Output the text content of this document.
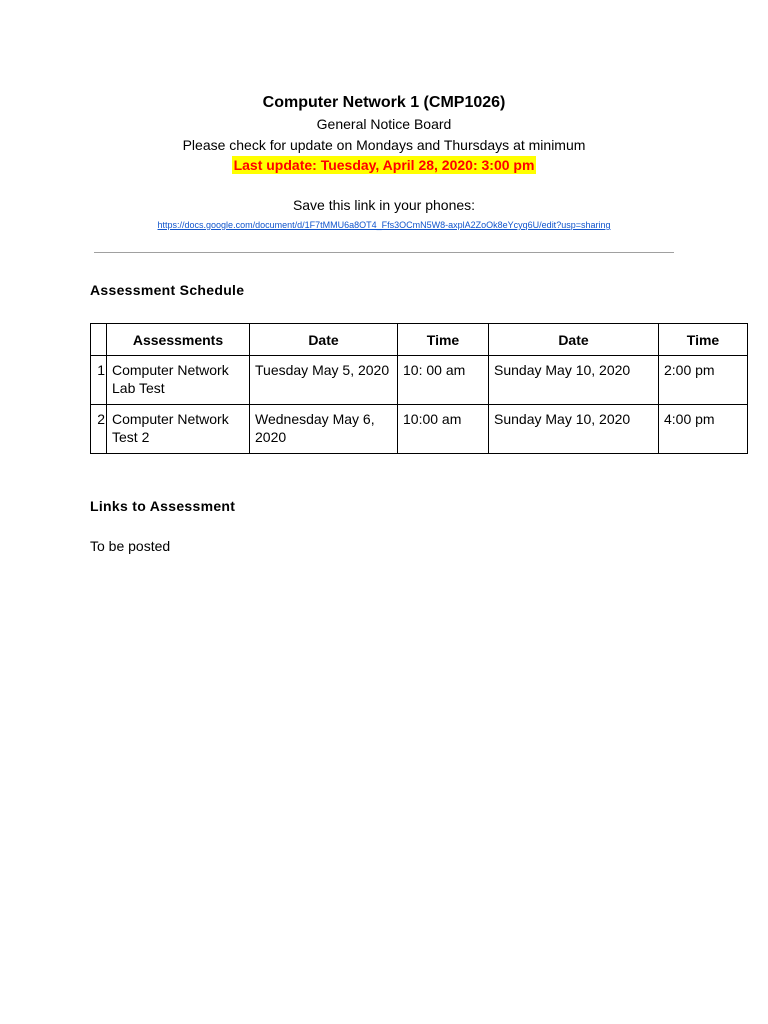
Computer Network 1 (CMP1026)
General Notice Board
Please check for update on Mondays and Thursdays at minimum
Last update: Tuesday, April 28, 2020: 3:00 pm
Save this link in your phones:
https://docs.google.com/document/d/1F7tMMU6a8OT4_Ffs3OCmN5W8-axplA2ZoOk8eYcyq6U/edit?usp=sharing
Assessment Schedule
	Assessments	Date	Time	Date	Time
1	Computer Network Lab Test	Tuesday May 5, 2020	10: 00 am	Sunday May 10, 2020	2:00 pm
2	Computer Network Test 2	Wednesday May 6, 2020	10:00 am	Sunday May 10, 2020	4:00 pm
Links to Assessment
To be posted
